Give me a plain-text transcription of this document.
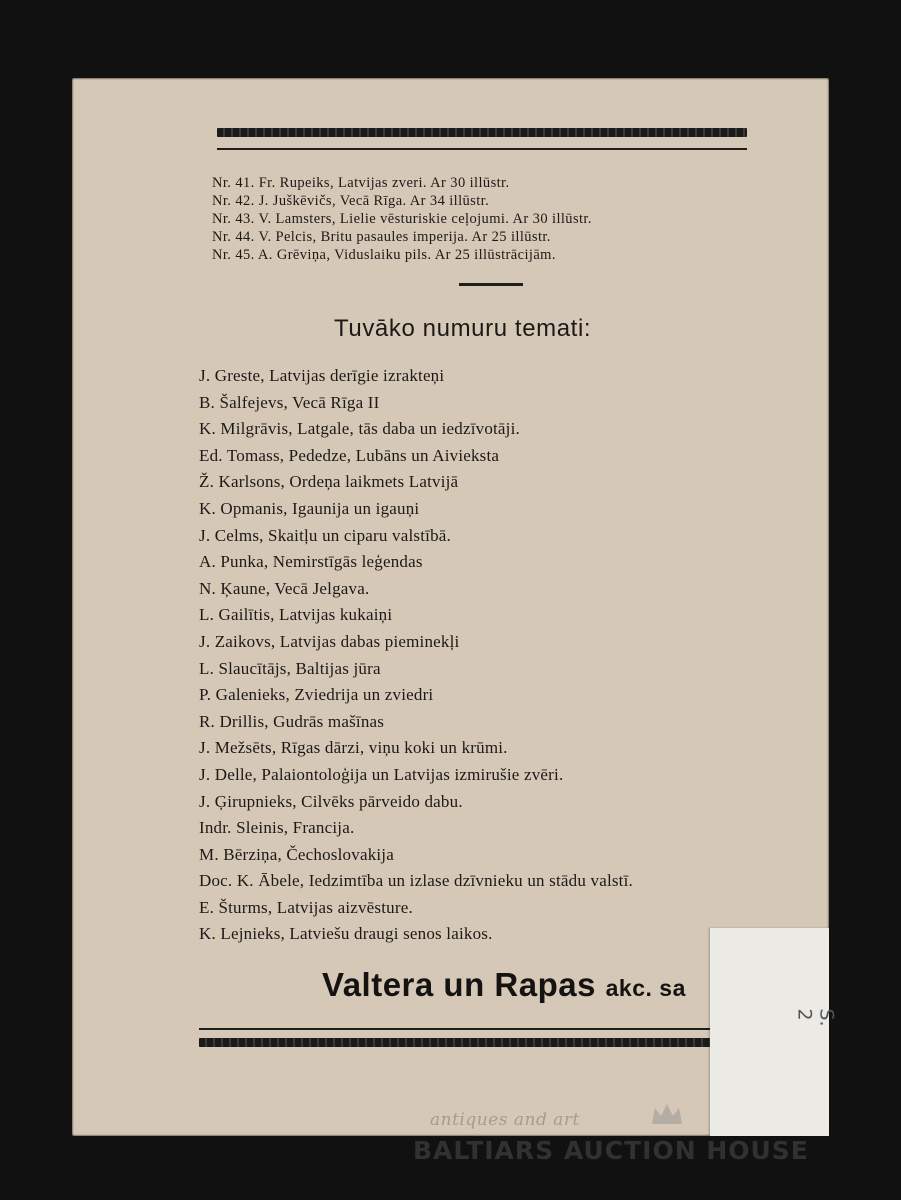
Nr. 41. Fr. Rupeiks, Latvijas zveri. Ar 30 illūstr.
Nr. 42. J. Juškēvičs, Vecā Rīga. Ar 34 illūstr.
Nr. 43. V. Lamsters, Lielie vēsturiskie ceļojumi. Ar 30 illūstr.
Nr. 44. V. Pelcis, Britu pasaules imperija. Ar 25 illūstr.
Nr. 45. A. Grēviņa, Viduslaiku pils. Ar 25 illūstrācijām.
Tuvāko numuru temati:
J. Greste, Latvijas derīgie izrakteņi
B. Šalfejevs, Vecā Rīga II
K. Milgrāvis, Latgale, tās daba un iedzīvotāji.
Ed. Tomass, Pededze, Lubāns un Aivieksta
Ž. Karlsons, Ordeņa laikmets Latvijā
K. Opmanis, Igaunija un igauņi
J. Celms, Skaitļu un ciparu valstībā.
A. Punka, Nemirstīgās leģendas
N. Ķaune, Vecā Jelgava.
L. Gailītis, Latvijas kukaiņi
J. Zaikovs, Latvijas dabas pieminekļi
L. Slaucītājs, Baltijas jūra
P. Galenieks, Zviedrija un zviedri
R. Drillis, Gudrās mašīnas
J. Mežsēts, Rīgas dārzi, viņu koki un krūmi.
J. Delle, Palaiontoloģija un Latvijas izmirušie zvēri.
J. Ģirupnieks, Cilvēks pārveido dabu.
Indr. Sleinis, Francija.
M. Bērziņa, Čechoslovakija
Doc. K. Ābele, Iedzimtība un izlase dzīvnieku un stādu valstī.
E. Šturms, Latvijas aizvēsture.
K. Lejnieks, Latviešu draugi senos laikos.
Valtera un Rapas akc. sa
S. 2
antiques and art
BALTIARS AUCTION HOUSE
